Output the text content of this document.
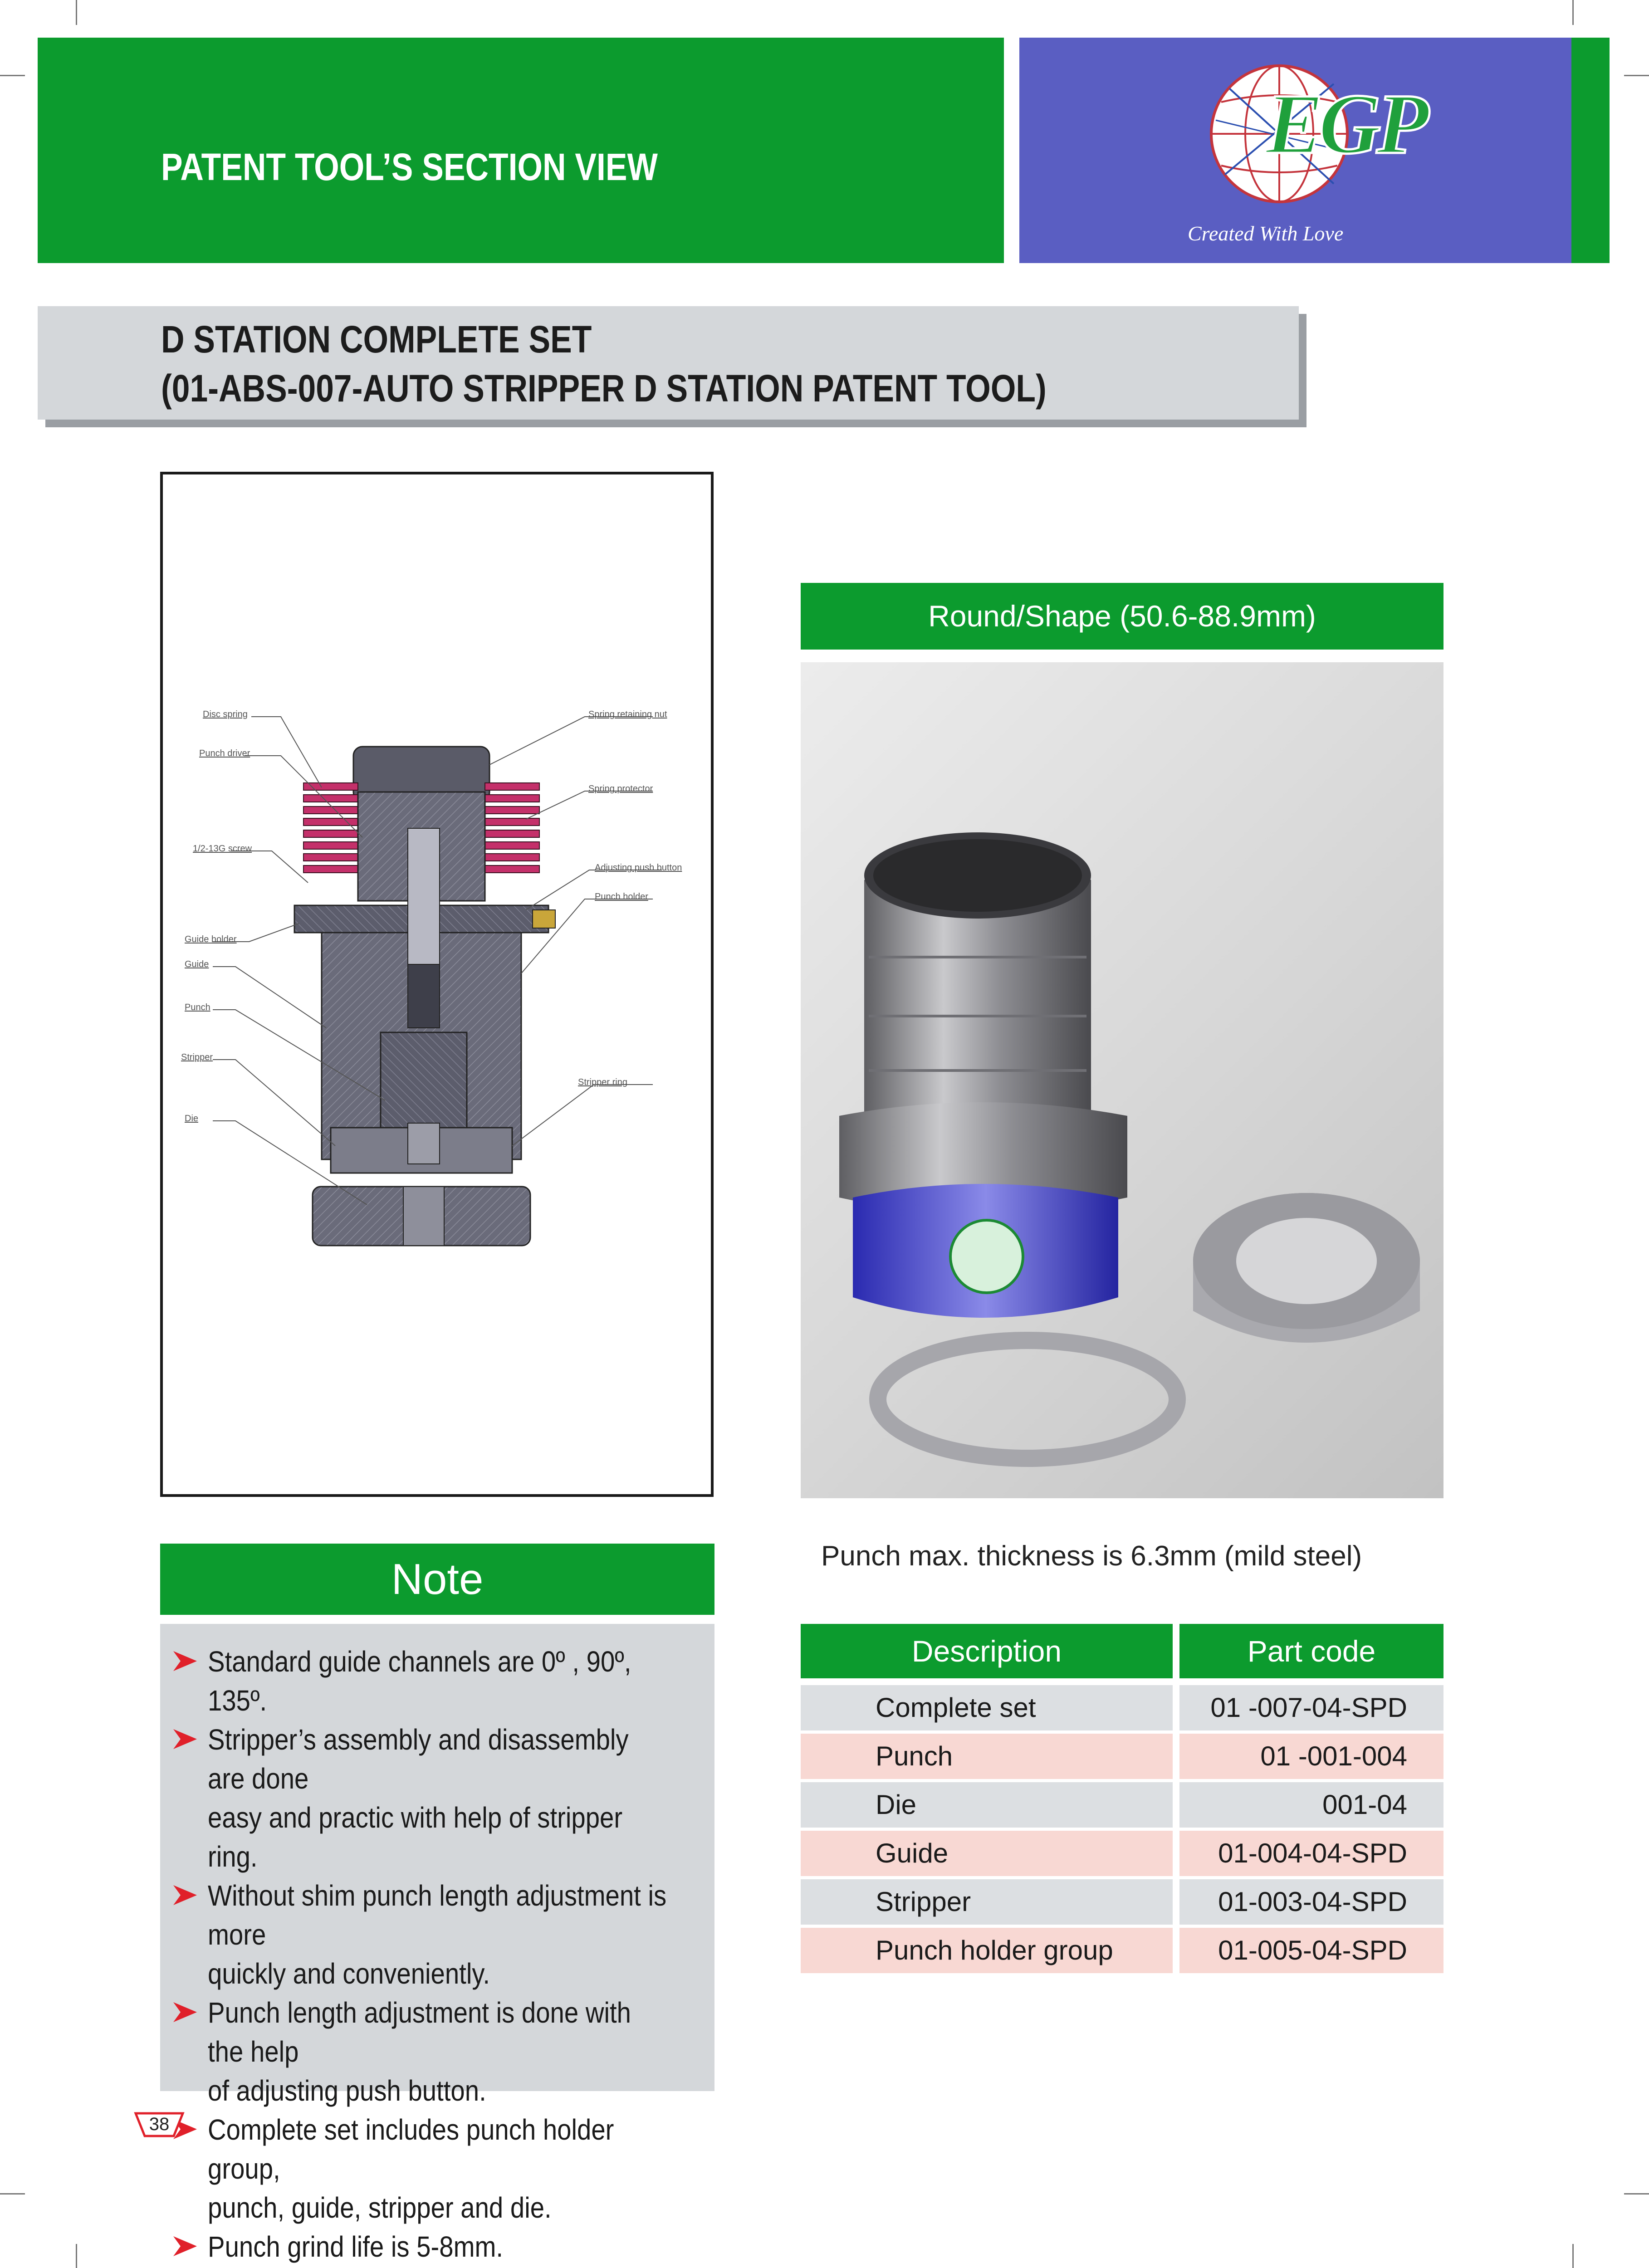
PATENT TOOL’S SECTION VIEW	EGP
Created With Love
D STATION COMPLETE SET
(01-ABS-007-AUTO STRIPPER D STATION PATENT TOOL)
Disc spring
Punch driver
1/2-13G screw
Guide holder
Guide
Punch
Stripper
Die
Spring retaining nut
Spring protector
Adjusting push button
Punch holder
Stripper ring
Round/Shape (50.6-88.9mm)
Punch max. thickness is 6.3mm (mild steel)
Note
Standard guide channels are 0º , 90º, 135º.
Stripper’s assembly and disassembly are done
easy and practic with help of stripper ring.
Without shim punch length adjustment is more
quickly and conveniently.
Punch length adjustment is done with the help
of adjusting push button.
Complete set includes punch holder group,
punch, guide, stripper and die.
Punch grind life is 5-8mm.
Description	Part code
Complete set	01 -007-04-SPD
Punch	01 -001-004
Die	001-04
Guide	01-004-04-SPD
Stripper	01-003-04-SPD
Punch holder group	01-005-04-SPD
38
